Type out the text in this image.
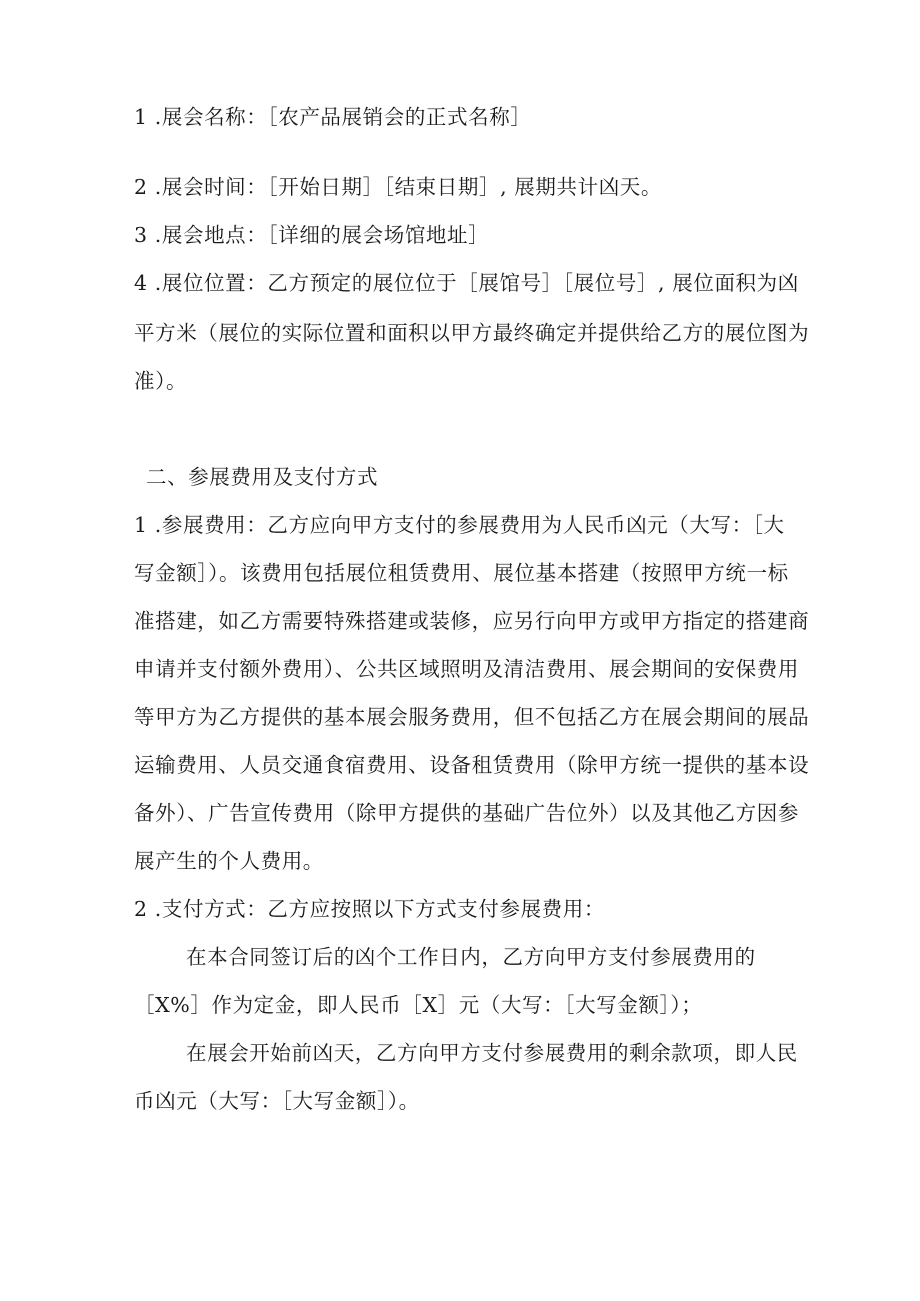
1 .展会名称：［农产品展销会的正式名称］
2 .展会时间：［开始日期］［结束日期］, 展期共计凶天。
3 .展会地点：［详细的展会场馆地址］
4 .展位位置：乙方预定的展位位于［展馆号］［展位号］, 展位面积为凶
平方米（展位的实际位置和面积以甲方最终确定并提供给乙方的展位图为
准）。
二、参展费用及支付方式
1 .参展费用：乙方应向甲方支付的参展费用为人民币凶元（大写：［大
写金额］）。该费用包括展位租赁费用、展位基本搭建（按照甲方统一标
准搭建，如乙方需要特殊搭建或装修，应另行向甲方或甲方指定的搭建商
申请并支付额外费用）、公共区域照明及清洁费用、展会期间的安保费用
等甲方为乙方提供的基本展会服务费用，但不包括乙方在展会期间的展品
运输费用、人员交通食宿费用、设备租赁费用（除甲方统一提供的基本设
备外）、广告宣传费用（除甲方提供的基础广告位外）以及其他乙方因参
展产生的个人费用。
2 .支付方式：乙方应按照以下方式支付参展费用：
在本合同签订后的凶个工作日内，乙方向甲方支付参展费用的
［X%］作为定金，即人民币［X］元（大写：［大写金额］）；
在展会开始前凶天，乙方向甲方支付参展费用的剩余款项，即人民
币凶元（大写：［大写金额］）。
